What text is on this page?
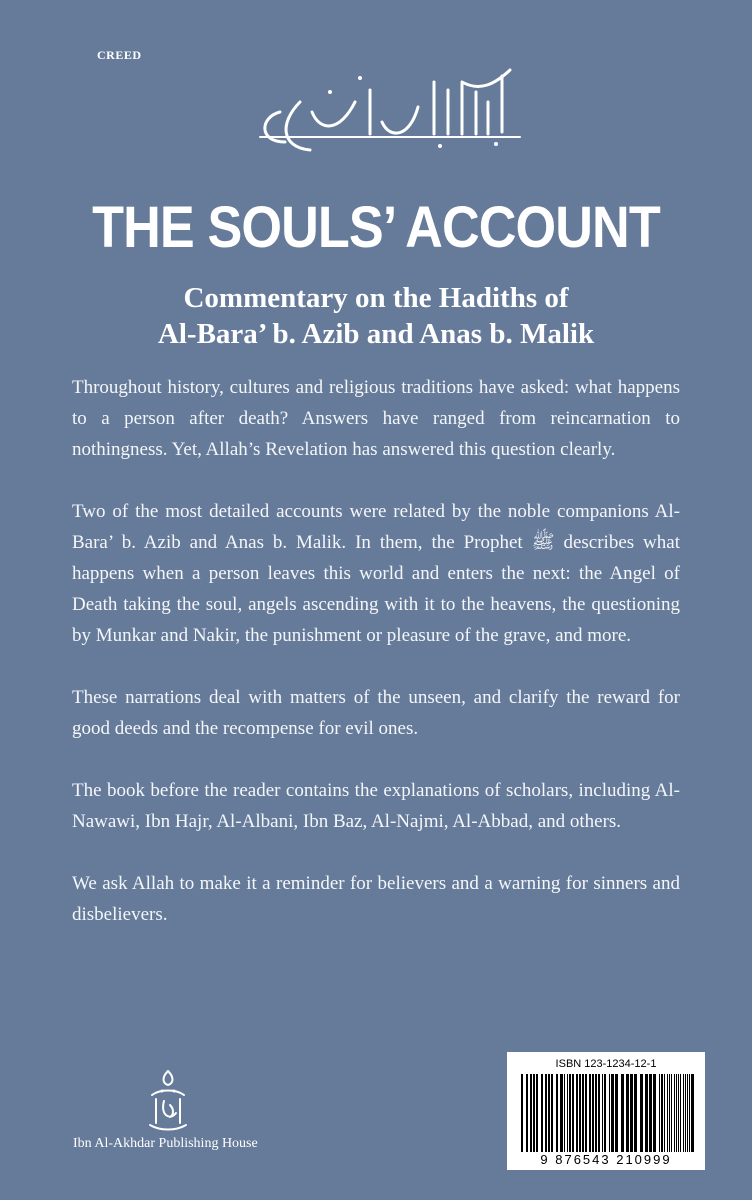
CREED
THE SOULS’ ACCOUNT
Commentary on the Hadiths of
Al-Bara’ b. Azib and Anas b. Malik

Throughout history, cultures and religious traditions have asked: what happens to a person after death? Answers have ranged from reincarnation to nothingness. Yet, Allah’s Revelation has answered this question clearly.

Two of the most detailed accounts were related by the noble companions Al-Bara’ b. Azib and Anas b. Malik. In them, the Prophet ﷺ describes what happens when a person leaves this world and enters the next: the Angel of Death taking the soul, angels ascending with it to the heavens, the questioning by Munkar and Nakir, the punishment or pleasure of the grave, and more.

These narrations deal with matters of the unseen, and clarify the reward for good deeds and the recompense for evil ones.

The book before the reader contains the explanations of scholars, including Al-Nawawi, Ibn Hajr, Al-Albani, Ibn Baz, Al-Najmi, Al-Abbad, and others.

We ask Allah to make it a reminder for believers and a warning for sinners and disbelievers.

Ibn Al-Akhdar Publishing House
ISBN 123-1234-12-1
9 876543 210999
